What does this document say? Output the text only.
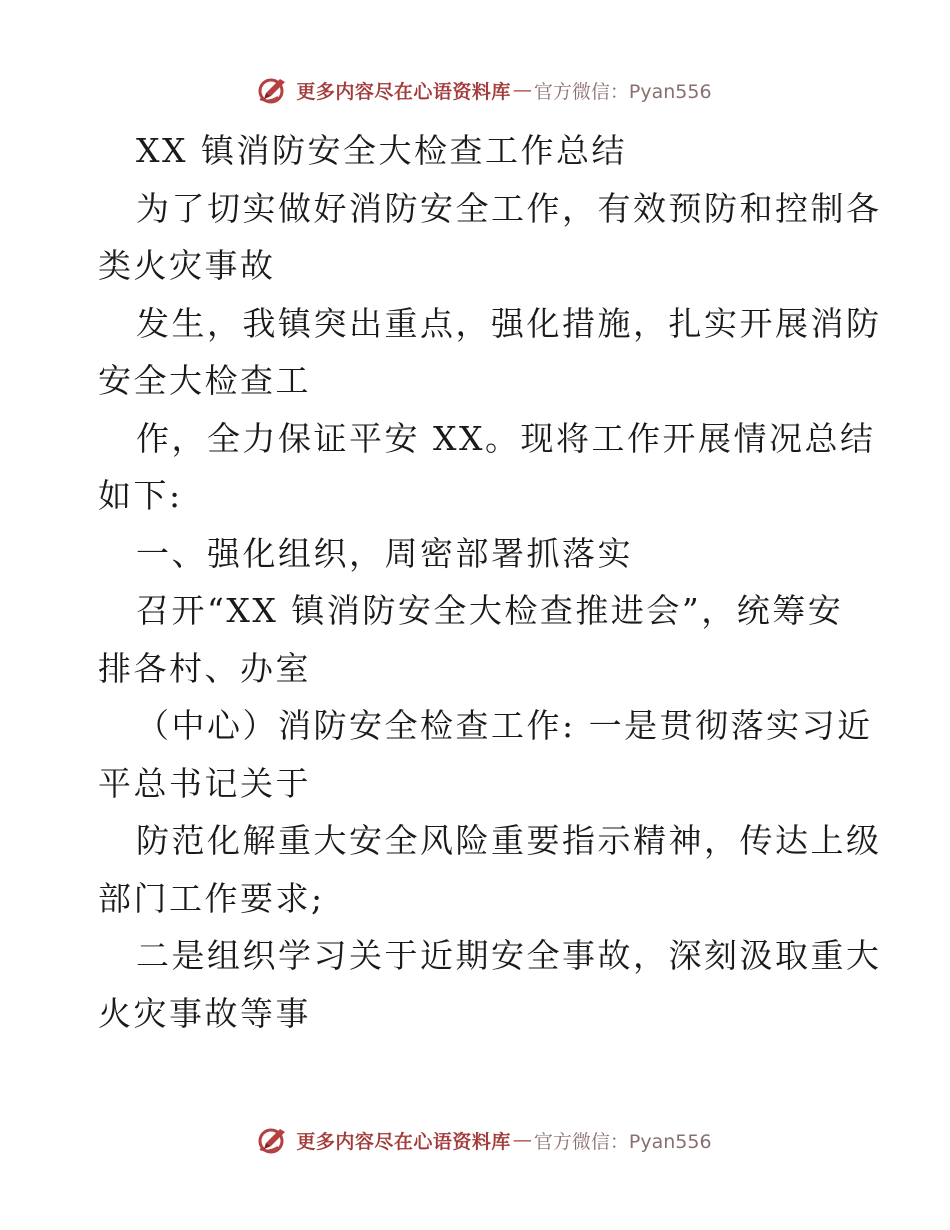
更多内容尽在心语资料库 — 官方微信：Pyan556

XX 镇消防安全大检查工作总结

为了切实做好消防安全工作，有效预防和控制各

类火灾事故

发生，我镇突出重点，强化措施，扎实开展消防

安全大检查工

作，全力保证平安 XX。现将工作开展情况总结

如下:

一、强化组织，周密部署抓落实

召开“XX 镇消防安全大检查推进会”，统筹安

排各村、办室

（中心）消防安全检查工作: 一是贯彻落实习近

平总书记关于

防范化解重大安全风险重要指示精神，传达上级

部门工作要求;

二是组织学习关于近期安全事故，深刻汲取重大

火灾事故等事

更多内容尽在心语资料库 — 官方微信：Pyan556
